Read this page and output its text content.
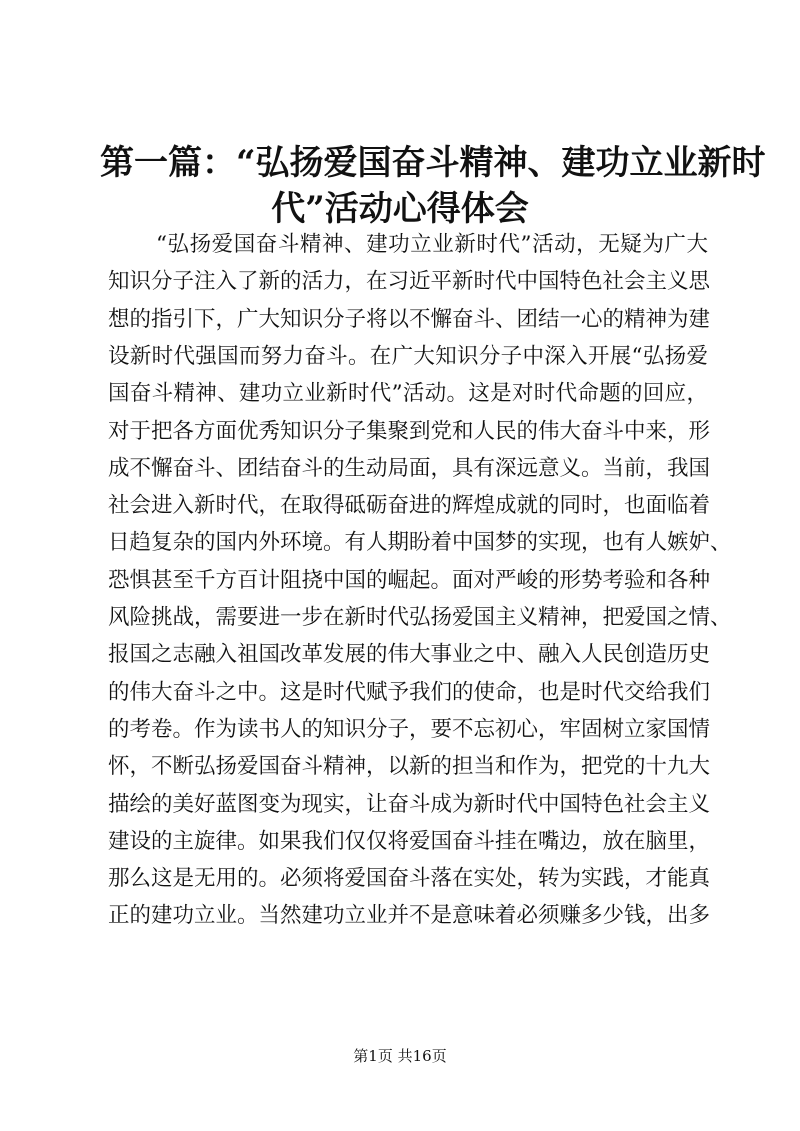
第一篇：“弘扬爱国奋斗精神、建功立业新时
代”活动心得体会
“弘扬爱国奋斗精神、建功立业新时代”活动，无疑为广大
知识分子注入了新的活力，在习近平新时代中国特色社会主义思
想的指引下，广大知识分子将以不懈奋斗、团结一心的精神为建
设新时代强国而努力奋斗。在广大知识分子中深入开展“弘扬爱
国奋斗精神、建功立业新时代”活动。这是对时代命题的回应，
对于把各方面优秀知识分子集聚到党和人民的伟大奋斗中来，形
成不懈奋斗、团结奋斗的生动局面，具有深远意义。当前，我国
社会进入新时代，在取得砥砺奋进的辉煌成就的同时，也面临着
日趋复杂的国内外环境。有人期盼着中国梦的实现，也有人嫉妒、
恐惧甚至千方百计阻挠中国的崛起。面对严峻的形势考验和各种
风险挑战，需要进一步在新时代弘扬爱国主义精神，把爱国之情、
报国之志融入祖国改革发展的伟大事业之中、融入人民创造历史
的伟大奋斗之中。这是时代赋予我们的使命，也是时代交给我们
的考卷。作为读书人的知识分子，要不忘初心，牢固树立家国情
怀，不断弘扬爱国奋斗精神，以新的担当和作为，把党的十九大
描绘的美好蓝图变为现实，让奋斗成为新时代中国特色社会主义
建设的主旋律。如果我们仅仅将爱国奋斗挂在嘴边，放在脑里，
那么这是无用的。必须将爱国奋斗落在实处，转为实践，才能真
正的建功立业。当然建功立业并不是意味着必须赚多少钱，出多
第1页 共16页
